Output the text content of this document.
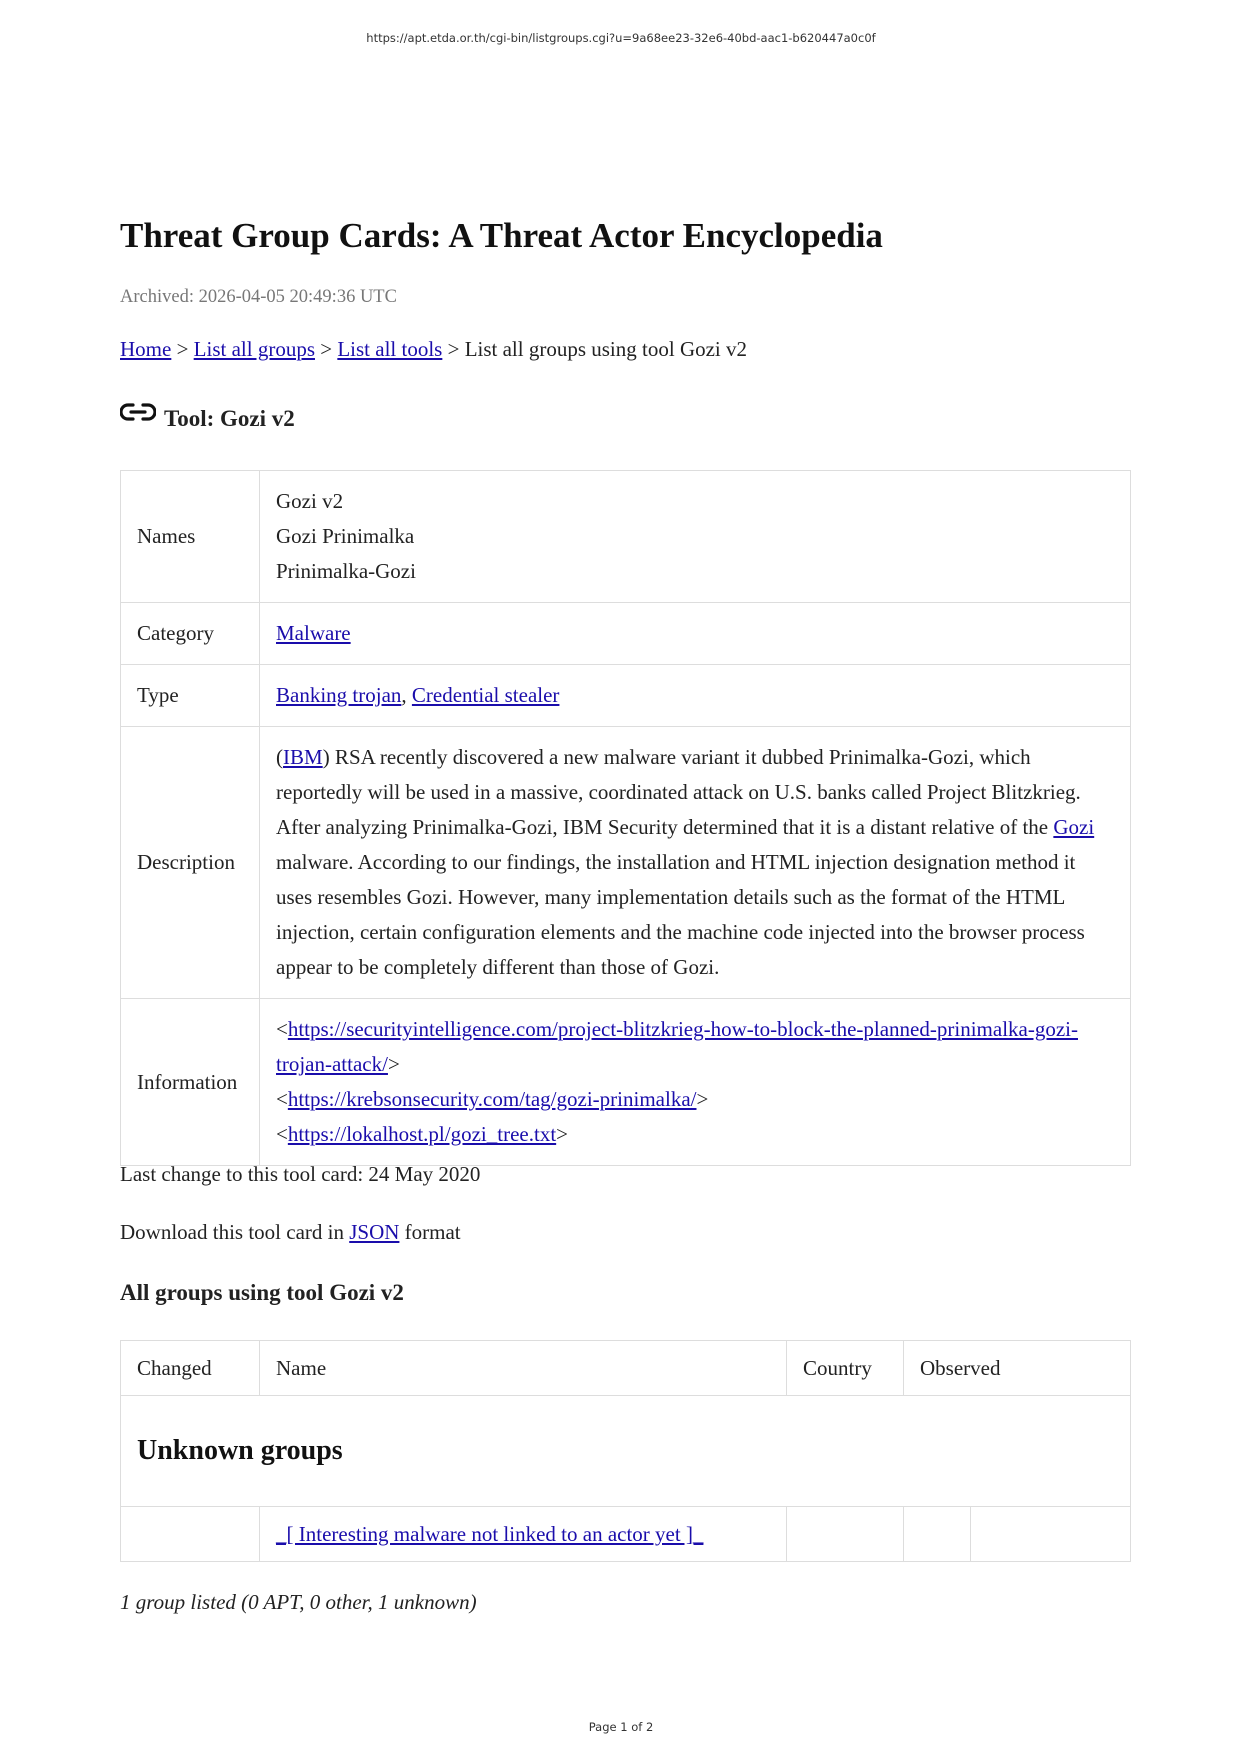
https://apt.etda.or.th/cgi-bin/listgroups.cgi?u=9a68ee23-32e6-40bd-aac1-b620447a0c0f
Threat Group Cards: A Threat Actor Encyclopedia
Archived: 2026-04-05 20:49:36 UTC
Home > List all groups > List all tools > List all groups using tool Gozi v2
Tool: Gozi v2
Names	Gozi v2
Gozi Prinimalka
Prinimalka-Gozi

Category	Malware
Type	Banking trojan, Credential stealer
Description	(IBM) RSA recently discovered a new malware variant it dubbed Prinimalka-Gozi, which reportedly will be used in a massive, coordinated attack on U.S. banks called Project Blitzkrieg. After analyzing Prinimalka-Gozi, IBM Security determined that it is a distant relative of the Gozi malware. According to our findings, the installation and HTML injection designation method it uses resembles Gozi. However, many implementation details such as the format of the HTML injection, certain configuration elements and the machine code injected into the browser process appear to be completely different than those of Gozi.
Information	<https://securityintelligence.com/project-blitzkrieg-how-to-block-the-planned-prinimalka-gozi-trojan-attack/>
<https://krebsonsecurity.com/tag/gozi-prinimalka/>
<https://lokalhost.pl/gozi_tree.txt>
Last change to this tool card: 24 May 2020
Download this tool card in JSON format
All groups using tool Gozi v2
Changed	Name	Country	Observed	
Unknown groups				
	_[ Interesting malware not linked to an actor yet ]_			
1 group listed (0 APT, 0 other, 1 unknown)
Page 1 of 2
